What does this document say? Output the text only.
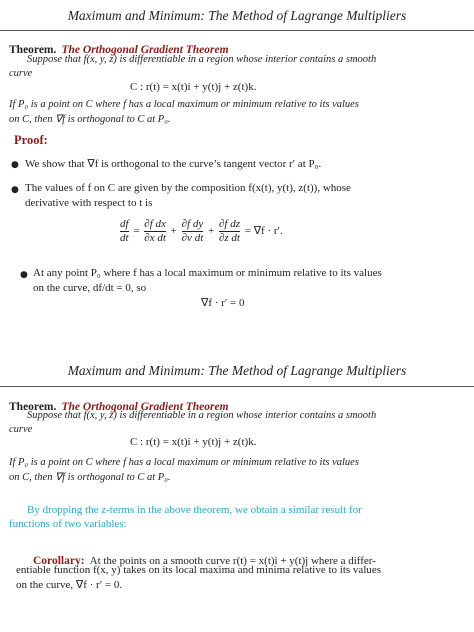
Maximum and Minimum: The Method of Lagrange Multipliers
Theorem. The Orthogonal Gradient Theorem
Suppose that f(x, y, z) is differentiable in a region whose interior contains a smooth
curve
C : r(t) = x(t)i + y(t)j + z(t)k.
If P₀ is a point on C where f has a local maximum or minimum relative to its values
on C, then ∇f is orthogonal to C at P₀.
Proof:
● We show that ∇f is orthogonal to the curve’s tangent vector r′ at P₀.
● The values of f on C are given by the composition f(x(t), y(t), z(t)), whose
derivative with respect to t is
$\frac{df}{dt} = \frac{\text{∂f dx}}{\text{∂x dt}} + \frac{\text{∂f dy}}{\text{∂v dt}} + \frac{\text{∂f dz}}{\text{∂z dt}} = \nabla f \cdot r'$.
● At any point P₀ where f has a local maximum or minimum relative to its values
on the curve, df/dt = 0, so
∇f · r′ = 0
Maximum and Minimum: The Method of Lagrange Multipliers
Theorem. The Orthogonal Gradient Theorem
Suppose that f(x, y, z) is differentiable in a region whose interior contains a smooth
curve
C : r(t) = x(t)i + y(t)j + z(t)k.
If P₀ is a point on C where f has a local maximum or minimum relative to its values
on C, then ∇f is orthogonal to C at P₀.
By dropping the z-terms in the above theorem, we obtain a similar result for
functions of two variables:
Corollary: At the points on a smooth curve r(t) = x(t)i + y(t)j where a differ-
entiable function f(x, y) takes on its local maxima and minima relative to its values
on the curve, ∇f · r′ = 0.
